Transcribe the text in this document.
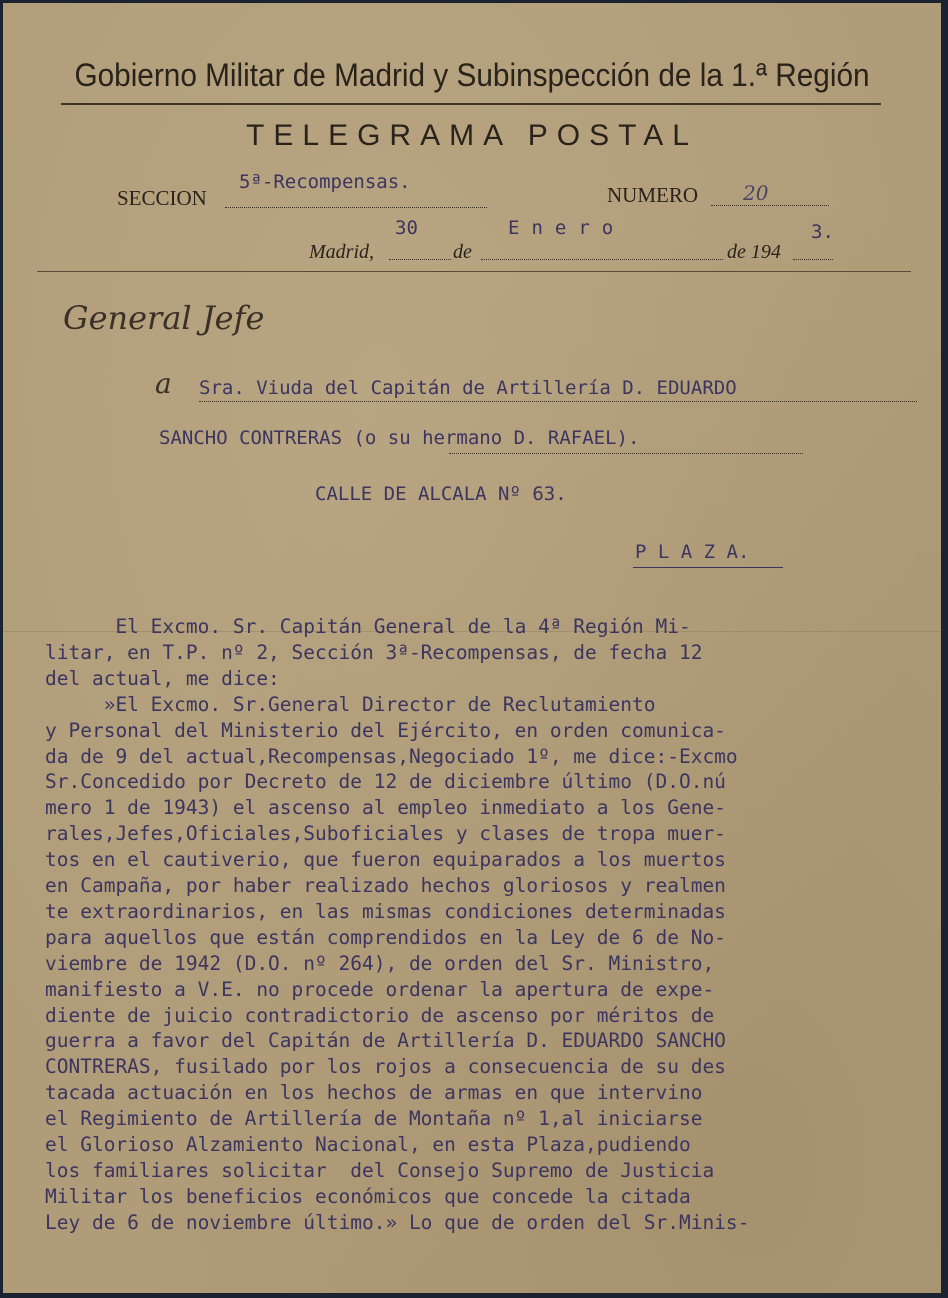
Gobierno Militar de Madrid y Subinspección de la 1.ª Región
TELEGRAMA POSTAL
SECCION
5ª-Recompensas.
NUMERO 20
Madrid,
30
de
Enero
de 194
3.
General Jefe
a Sra. Viuda del Capitán de Artillería D. EDUARDO
SANCHO CONTRERAS (o su hermano D. RAFAEL).
CALLE DE ALCALA Nº 63.
P L A Z A.
El Excmo. Sr. Capitán General de la 4ª Región Mi-
litar, en T.P. nº 2, Sección 3ª-Recompensas, de fecha 12
del actual, me dice:
»El Excmo. Sr.General Director de Reclutamiento
y Personal del Ministerio del Ejército, en orden comunica-
da de 9 del actual,Recompensas,Negociado 1º, me dice:-Excmo
Sr.Concedido por Decreto de 12 de diciembre último (D.O.nú
mero 1 de 1943) el ascenso al empleo inmediato a los Gene-
rales,Jefes,Oficiales,Suboficiales y clases de tropa muer-
tos en el cautiverio, que fueron equiparados a los muertos
en Campaña, por haber realizado hechos gloriosos y realmen
te extraordinarios, en las mismas condiciones determinadas
para aquellos que están comprendidos en la Ley de 6 de No-
viembre de 1942 (D.O. nº 264), de orden del Sr. Ministro,
manifiesto a V.E. no procede ordenar la apertura de expe-
diente de juicio contradictorio de ascenso por méritos de
guerra a favor del Capitán de Artillería D. EDUARDO SANCHO
CONTRERAS, fusilado por los rojos a consecuencia de su des
tacada actuación en los hechos de armas en que intervino
el Regimiento de Artillería de Montaña nº 1,al iniciarse
el Glorioso Alzamiento Nacional, en esta Plaza,pudiendo
los familiares solicitar  del Consejo Supremo de Justicia
Militar los beneficios económicos que concede la citada
Ley de 6 de noviembre último.» Lo que de orden del Sr.Minis-
